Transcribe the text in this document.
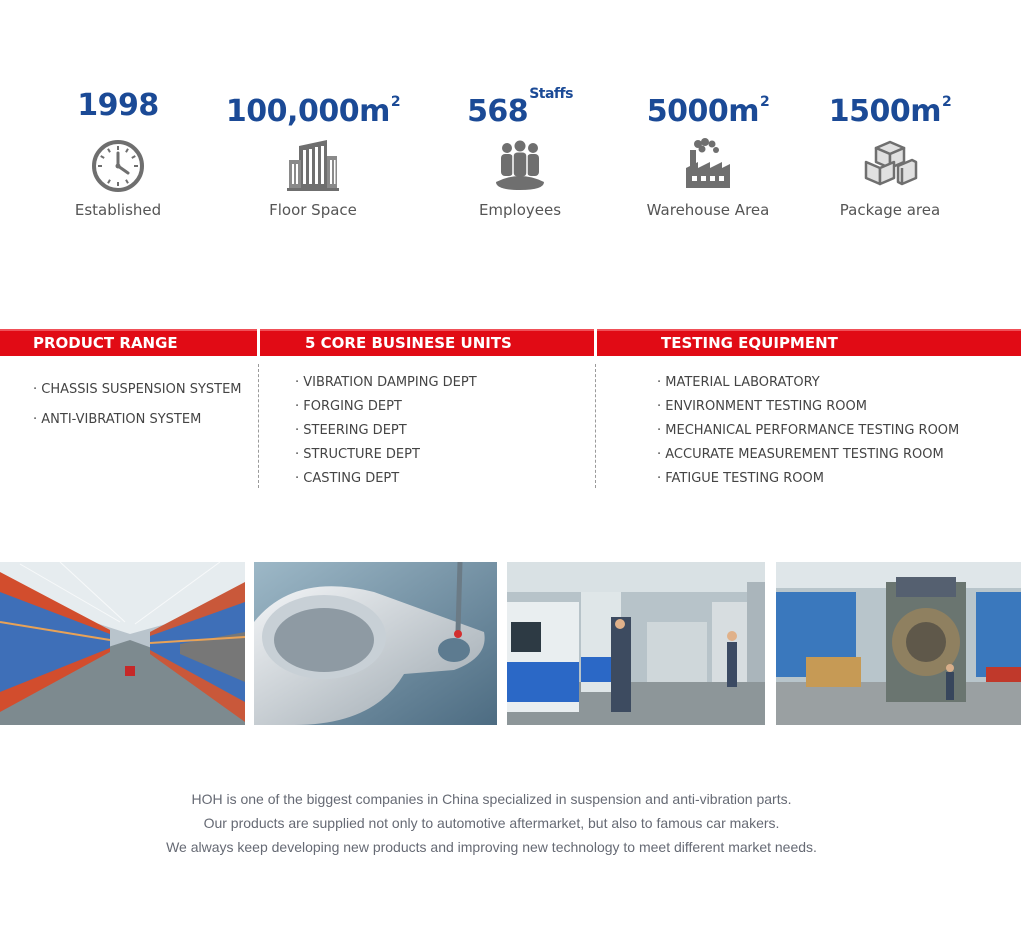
1998
Established
$100,000m^2$
Floor Space
$568^{Staffs}$
Employees
$5000m^2$
Warehouse Area
$1500m^2$
Package area
PRODUCT RANGE	5 CORE BUSINESE UNITS	TESTING EQUIPMENT
· CHASSIS SUSPENSION SYSTEM
· ANTI-VIBRATION SYSTEM
· VIBRATION DAMPING DEPT
· FORGING DEPT
· STEERING DEPT
· STRUCTURE DEPT
· CASTING DEPT
· MATERIAL LABORATORY
· ENVIRONMENT TESTING ROOM
· MECHANICAL PERFORMANCE TESTING ROOM
· ACCURATE MEASUREMENT TESTING ROOM
· FATIGUE TESTING ROOM

HOH is one of the biggest companies in China specialized in suspension and anti-vibration parts.

Our products are supplied not only to automotive aftermarket, but also to famous car makers.

We always keep developing new products and improving new technology to meet different market needs.
